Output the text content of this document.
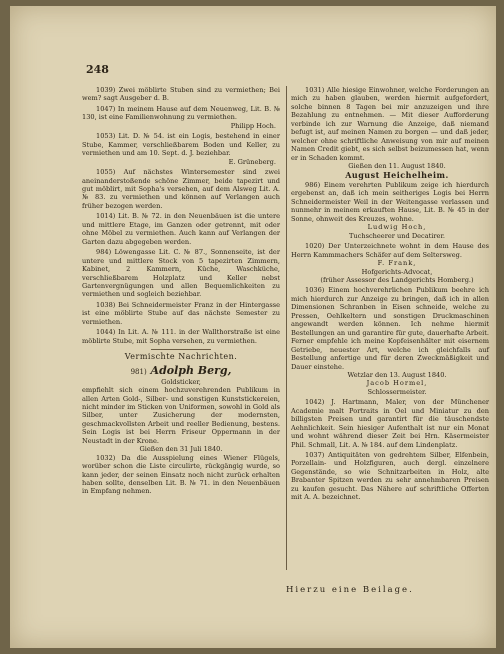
248

1039) Zwei möblirte Stuben sind zu vermiethen; Bei wem? sagt Ausgeber d. B.

1047) In meinem Hause auf dem Neuenweg, Lit. B. № 130, ist eine Familienwohnung zu vermiethen.
Philipp Hoch.

1053) Lit. D. № 54. ist ein Logis, bestehend in einer Stube, Kammer, verschließbarem Boden und Keller, zu vermiethen und am 10. Sept. d. J. beziehbar.
E. Grüneberg.

1055) Auf nächstes Wintersemester sind zwei aneinanderstoßende schöne Zimmer, beide tapezirt und gut möblirt, mit Sopha's versehen, auf dem Alsweg Lit. A. № 83. zu vermiethen und können auf Verlangen auch früher bezogen werden.

1014) Lit. B. № 72. in den Neuenbäuen ist die untere und mittlere Etage, im Ganzen oder getrennt, mit oder ohne Möbel zu vermiethen. Auch kann auf Verlangen der Garten dazu abgegeben werden.

984) Löwengasse Lit. C. № 87., Sonnenseite, ist der untere und mittlere Stock von 5 tapezirten Zimmern, Kabinet, 2 Kammern, Küche, Waschküche, verschließbarem Holzplatz und Keller nebst Gartenvergnügungen und allen Bequemlichkeiten zu vermiethen und sogleich beziehbar.

1038) Bei Schneidermeister Franz in der Hintergasse ist eine möblirte Stube auf das nächste Semester zu vermiethen.

1044) In Lit. A. № 111. in der Wallthorstraße ist eine möblirte Stube, mit Sopha versehen, zu vermiethen.

Vermischte Nachrichten.

981) Adolph Berg,

Goldsticker,

empfiehlt sich einem hochzuverehrenden Publikum in allen Arten Gold-, Silber- und sonstigen Kunststickereien, nicht minder im Sticken von Uniformen, sowohl in Gold als Silber, unter Zusicherung der modernsten, geschmackvollsten Arbeit und reeller Bedienung, bestens. Sein Logis ist bei Herrn Friseur Oppermann in der Neustadt in der Krone.

Gießen den 31 Juli 1840.

1032) Da die Ausspielung eines Wiener Flügels, worüber schon die Liste circulirte, rückgängig wurde, so kann jeder, der seinen Einsatz noch nicht zurück erhalten haben sollte, denselben Lit. B. № 71. in den Neuenbäuen in Empfang nehmen.

1031) Alle hiesige Einwohner, welche Forderungen an mich zu haben glauben, werden hiermit aufgefordert, solche binnen 8 Tagen bei mir anzuzeigen und ihre Bezahlung zu entnehmen. — Mit dieser Aufforderung verbinde ich zur Warnung die Anzeige, daß niemand befugt ist, auf meinen Namen zu borgen — und daß jeder, welcher ohne schriftliche Anweisung von mir auf meinen Namen Credit giebt, es sich selbst beizumessen hat, wenn er in Schaden kommt.
Gießen den 11. August 1840.
August Heichelheim.

986) Einem verehrten Publikum zeige ich hierdurch ergebenst an, daß ich mein seitheriges Logis bei Herrn Schneidermeister Weil in der Weitengasse verlassen und nunmehr in meinem erkauften Hause, Lit. B. № 45 in der Sonne, ohnweit des Kreuzes, wohne.
Ludwig Hoch,
Tuchscheerer und Decatirer.

1020) Der Unterzeichnete wohnt in dem Hause des Herrn Kammmachers Schäfer auf dem Seltersweg.
F. Frank,
Hofgerichts-Advocat,
(früher Assessor des Landgerichts Homberg.)

1036) Einem hochverehrlichen Publikum beehre ich mich hierdurch zur Anzeige zu bringen, daß ich in allen Dimensionen Schranben in Eisen schneide, welche zu Pressen, Oehlkeltern und sonstigen Druckmaschinen angewandt werden können. Ich nehme hiermit Bestellungen an und garantire für gute, dauerhafte Arbeit. Ferner empfehle ich meine Kopfeisenhälter mit eisernem Getriebe, neuester Art, welche ich gleichfalls auf Bestellung anfertige und für deren Zweckmäßigkeit und Dauer einstehe.
Wetzlar den 13. August 1840.
Jacob Hormel,
Schlossermeister.

1042) J. Hartmann, Maler, von der Münchener Academie malt Portraits in Oel und Miniatur zu den billigsten Preisen und garantirt für die täuschendste Aehnlichkeit. Sein hiesiger Aufenthalt ist nur ein Monat und wohnt während dieser Zeit bei Hrn. Käsermeister Phil. Schmall, Lit. A. № 184. auf dem Lindenplatz.

1037) Antiquitäten von gedrehtem Silber, Elfenbein, Porzellain- und Holzfiguren, auch dergl. einzelnere Gegenstände, so wie Schnitzarbeiten in Holz, alte Brabanter Spitzen werden zu sehr annehmbaren Preisen zu kaufen gesucht. Das Nähere auf schriftliche Offerten mit A. A. bezeichnet.

Hierzu eine Beilage.
